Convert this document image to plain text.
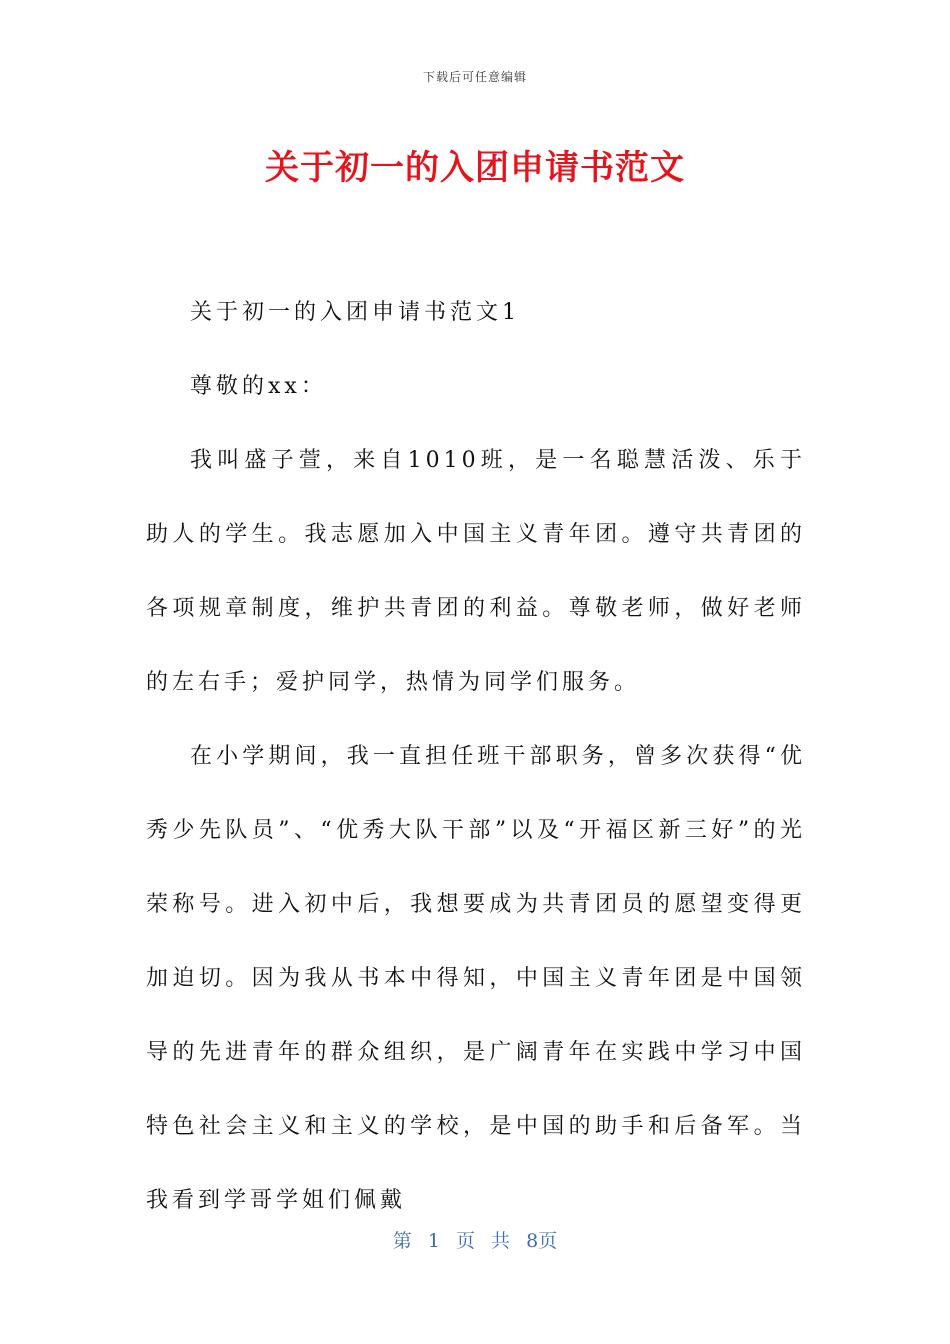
下载后可任意编辑
关于初一的入团申请书范文

关于初一的入团申请书范文1

尊敬的xx：

我叫盛子萱，来自1010班，是一名聪慧活泼、乐于助人的学生。我志愿加入中国主义青年团。遵守共青团的各项规章制度，维护共青团的利益。尊敬老师，做好老师的左右手；爱护同学，热情为同学们服务。

在小学期间，我一直担任班干部职务，曾多次获得“优秀少先队员”、“优秀大队干部”以及“开福区新三好”的光荣称号。进入初中后，我想要成为共青团员的愿望变得更加迫切。因为我从书本中得知，中国主义青年团是中国领导的先进青年的群众组织，是广阔青年在实践中学习中国特色社会主义和主义的学校，是中国的助手和后备军。当我看到学哥学姐们佩戴

第 1 页 共 8页
